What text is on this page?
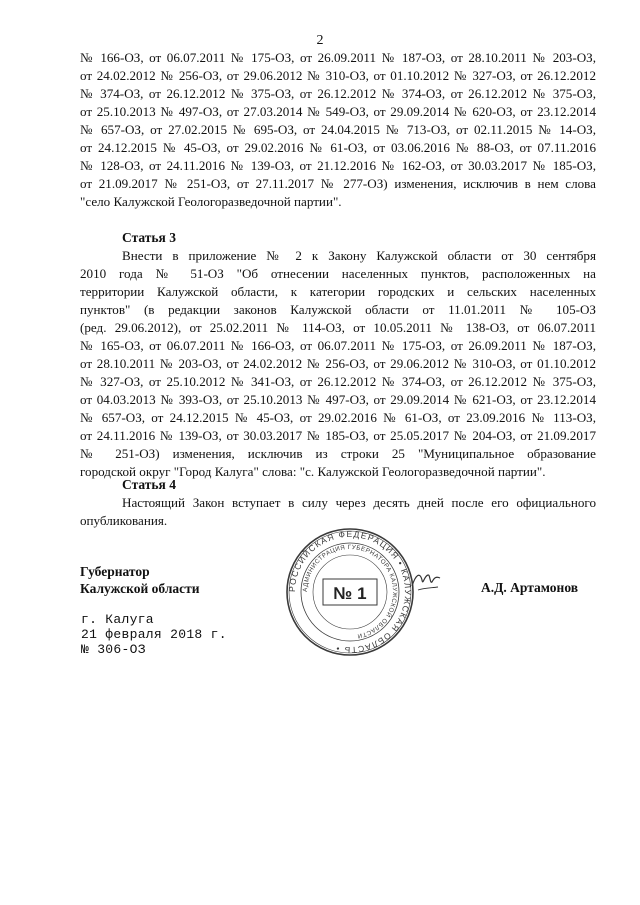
2
№ 166-ОЗ, от 06.07.2011 № 175-ОЗ, от 26.09.2011 № 187-ОЗ, от 28.10.2011 № 203-ОЗ,
от 24.02.2012 № 256-ОЗ, от 29.06.2012 № 310-ОЗ, от 01.10.2012 № 327-ОЗ, от 26.12.2012
№ 374-ОЗ, от 26.12.2012 № 375-ОЗ, от 26.12.2012 № 374-ОЗ, от 26.12.2012 № 375-ОЗ,
от 25.10.2013 № 497-ОЗ, от 27.03.2014 № 549-ОЗ, от 29.09.2014 № 620-ОЗ, от 23.12.2014
№ 657-ОЗ, от 27.02.2015 № 695-ОЗ, от 24.04.2015 № 713-ОЗ, от 02.11.2015 № 14-ОЗ,
от 24.12.2015 № 45-ОЗ, от 29.02.2016 № 61-ОЗ, от 03.06.2016 № 88-ОЗ, от 07.11.2016
№ 128-ОЗ, от 24.11.2016 № 139-ОЗ, от 21.12.2016 № 162-ОЗ, от 30.03.2017 № 185-ОЗ,
от 21.09.2017 № 251-ОЗ, от 27.11.2017 № 277-ОЗ) изменения, исключив в нем слова
"село Калужской Геологоразведочной партии".
Статья 3
Внести в приложение № 2 к Закону Калужской области от 30 сентября
2010 года № 51-ОЗ "Об отнесении населенных пунктов, расположенных на
территории Калужской области, к категории городских и сельских населенных
пунктов" (в редакции законов Калужской области от 11.01.2011 № 105-ОЗ
(ред. 29.06.2012), от 25.02.2011 № 114-ОЗ, от 10.05.2011 № 138-ОЗ, от 06.07.2011
№ 165-ОЗ, от 06.07.2011 № 166-ОЗ, от 06.07.2011 № 175-ОЗ, от 26.09.2011 № 187-ОЗ,
от 28.10.2011 № 203-ОЗ, от 24.02.2012 № 256-ОЗ, от 29.06.2012 № 310-ОЗ, от 01.10.2012
№ 327-ОЗ, от 25.10.2012 № 341-ОЗ, от 26.12.2012 № 374-ОЗ, от 26.12.2012 № 375-ОЗ,
от 04.03.2013 № 393-ОЗ, от 25.10.2013 № 497-ОЗ, от 29.09.2014 № 621-ОЗ, от 23.12.2014
№ 657-ОЗ, от 24.12.2015 № 45-ОЗ, от 29.02.2016 № 61-ОЗ, от 23.09.2016 № 113-ОЗ,
от 24.11.2016 № 139-ОЗ, от 30.03.2017 № 185-ОЗ, от 25.05.2017 № 204-ОЗ, от 21.09.2017
№ 251-ОЗ) изменения, исключив из строки 25 "Муниципальное образование
городской округ "Город Калуга" слова: "с. Калужской Геологоразведочной партии".
Статья 4
Настоящий Закон вступает в силу через десять дней после его официального
опубликования.
Губернатор
Калужской области	А.Д. Артамонов
г. Калуга
21 февраля 2018 г.
№ 306-ОЗ
РОССИЙСКАЯ ФЕДЕРАЦИЯ • КАЛУЖСКАЯ ОБЛАСТЬ •
АДМИНИСТРАЦИЯ ГУБЕРНАТОРА КАЛУЖСКОЙ ОБЛАСТИ
№ 1
